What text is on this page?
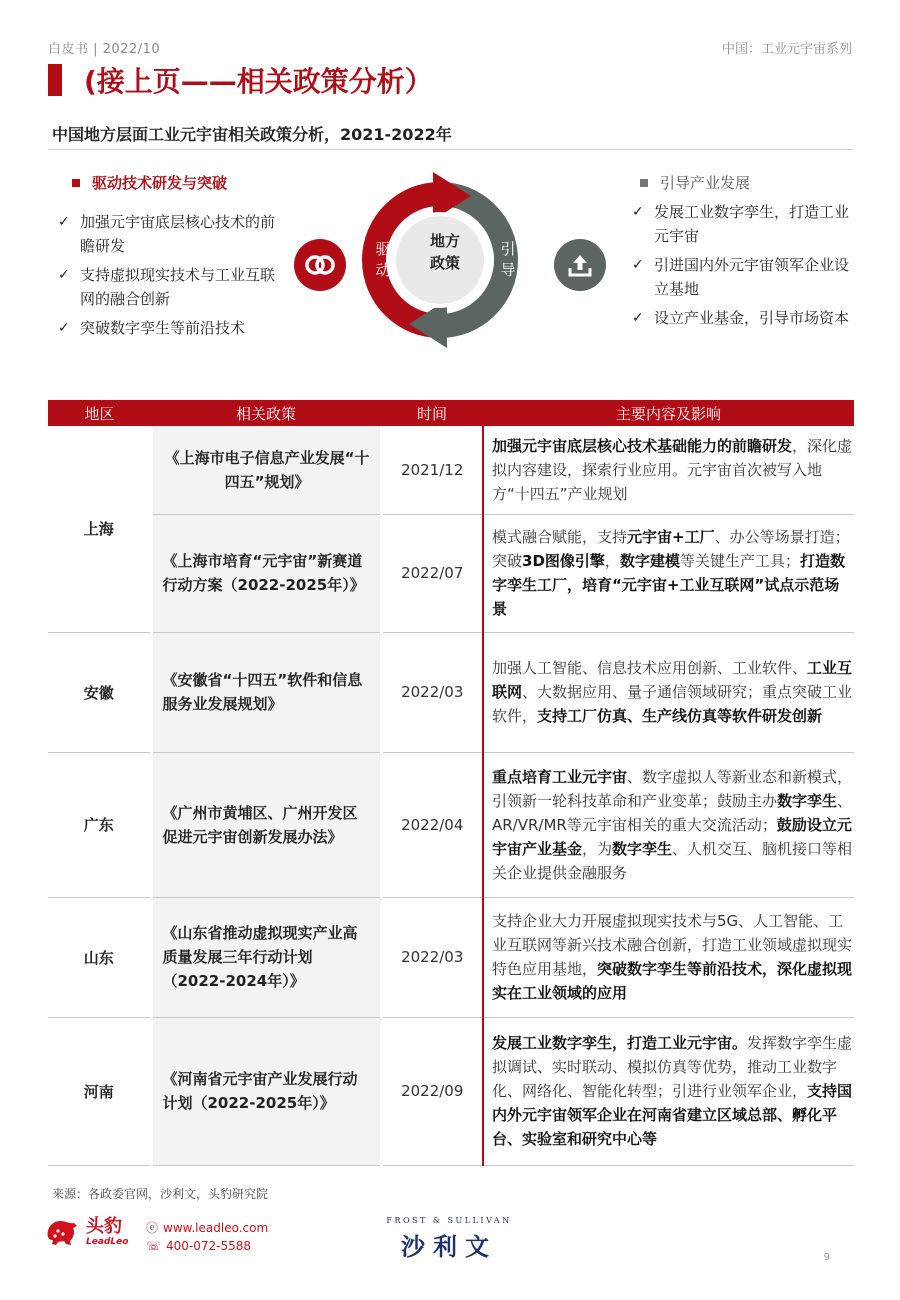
白皮书 | 2022/10	中国：工业元宇宙系列
(接上页——相关政策分析）
中国地方层面工业元宇宙相关政策分析，2021-2022年
驱动技术研发与突破
✓ 加强元宇宙底层核心技术的前瞻研发
✓ 支持虚拟现实技术与工业互联网的融合创新
✓ 突破数字孪生等前沿技术
引导产业发展
✓ 发展工业数字孪生，打造工业元宇宙
✓ 引进国内外元宇宙领军企业设立基地
✓ 设立产业基金，引导市场资本
地方
政策
驱
动
引
导
地区	相关政策	时间	主要内容及影响
上海	《上海市电子信息产业发展“十四五”规划》	2021/12	加强元宇宙底层核心技术基础能力的前瞻研发，深化虚拟内容建设，探索行业应用。元宇宙首次被写入地方“十四五”产业规划
	《上海市培育“元宇宙”新赛道行动方案（2022-2025年）》	2022/07	模式融合赋能，支持元宇宙+工厂、办公等场景打造；突破3D图像引擎，数字建模等关键生产工具；打造数字孪生工厂，培育“元宇宙+工业互联网”试点示范场景
安徽	《安徽省“十四五”软件和信息服务业发展规划》	2022/03	加强人工智能、信息技术应用创新、工业软件、工业互联网、大数据应用、量子通信领域研究；重点突破工业软件，支持工厂仿真、生产线仿真等软件研发创新
广东	《广州市黄埔区、广州开发区促进元宇宙创新发展办法》	2022/04	重点培育工业元宇宙、数字虚拟人等新业态和新模式，引领新一轮科技革命和产业变革；鼓励主办数字孪生、AR/VR/MR等元宇宙相关的重大交流活动；鼓励设立元宇宙产业基金，为数字孪生、人机交互、脑机接口等相关企业提供金融服务
山东	《山东省推动虚拟现实产业高质量发展三年行动计划（2022-2024年）》	2022/03	支持企业大力开展虚拟现实技术与5G、人工智能、工业互联网等新兴技术融合创新，打造工业领域虚拟现实特色应用基地，突破数字孪生等前沿技术，深化虚拟现实在工业领域的应用
河南	《河南省元宇宙产业发展行动计划（2022-2025年）》	2022/09	发展工业数字孪生，打造工业元宇宙。发挥数字孪生虚拟调试、实时联动、模拟仿真等优势，推动工业数字化、网络化、智能化转型；引进行业领军企业，支持国内外元宇宙领军企业在河南省建立区域总部、孵化平台、实验室和研究中心等
来源：各政委官网，沙利文，头豹研究院
头豹
LeadLeo
ⓔ www.leadleo.com
☏ 400-072-5588
FROST & SULLIVAN
沙利文	9
